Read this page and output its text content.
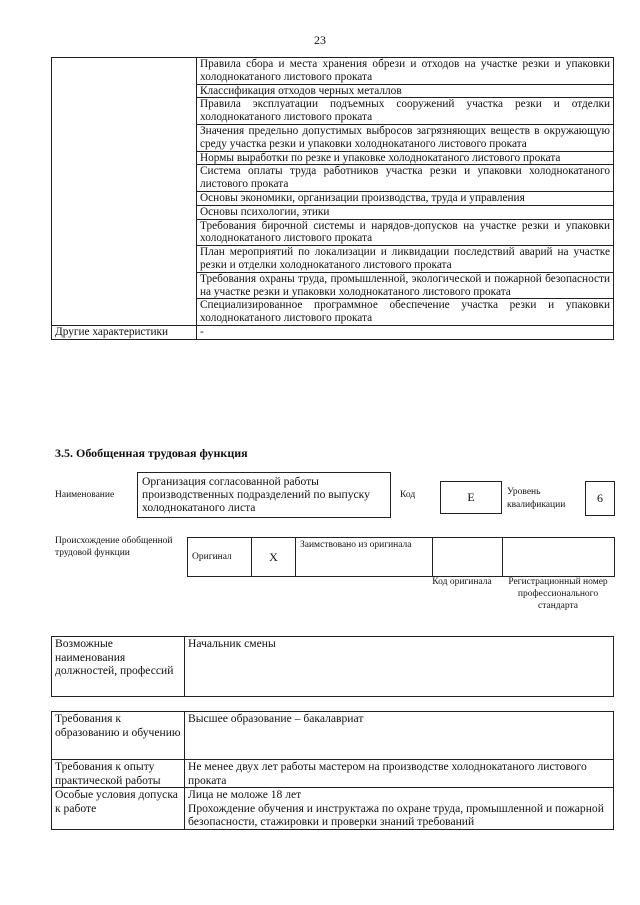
23
	Правила сбора и места хранения обрези и отходов на участке резки и упаковки холоднокатаного листового проката
	Классификация отходов черных металлов
	Правила эксплуатации подъемных сооружений участка резки и отделки холоднокатаного листового проката
	Значения предельно допустимых выбросов загрязняющих веществ в окружающую среду участка резки и упаковки холоднокатаного листового проката
	Нормы выработки по резке и упаковке холоднокатаного листового проката
	Система оплаты труда работников участка резки и упаковки холоднокатаного листового проката
	Основы экономики, организации производства, труда и управления
	Основы психологии, этики
	Требования бирочной системы и нарядов-допусков на участке резки и упаковки холоднокатаного листового проката
	План мероприятий по локализации и ликвидации последствий аварий на участке резки и отделки холоднокатаного листового проката
	Требования охраны труда, промышленной, экологической и пожарной безопасности на участке резки и упаковки холоднокатаного листового проката
	Специализированное программное обеспечение участка резки и упаковки холоднокатаного листового проката
Другие характеристики	-
3.5. Обобщенная трудовая функция
Наименование
Организация согласованной работы производственных подразделений по выпуску холоднокатаного листа
Код	E	Уровень квалификации	6
Происхождение обобщенной трудовой функции	Оригинал	X	Заимствовано из оригинала		
Код оригинала	Регистрационный номер профессионального стандарта
Возможные наименования должностей, профессий	Начальник смены
Требования к образованию и обучению	Высшее образование – бакалавриат
Требования к опыту практической работы	Не менее двух лет работы мастером на производстве холоднокатаного листового проката
Особые условия допуска к работе	Лица не моложе 18 лет
Прохождение обучения и инструктажа по охране труда, промышленной и пожарной безопасности, стажировки и проверки знаний требований
